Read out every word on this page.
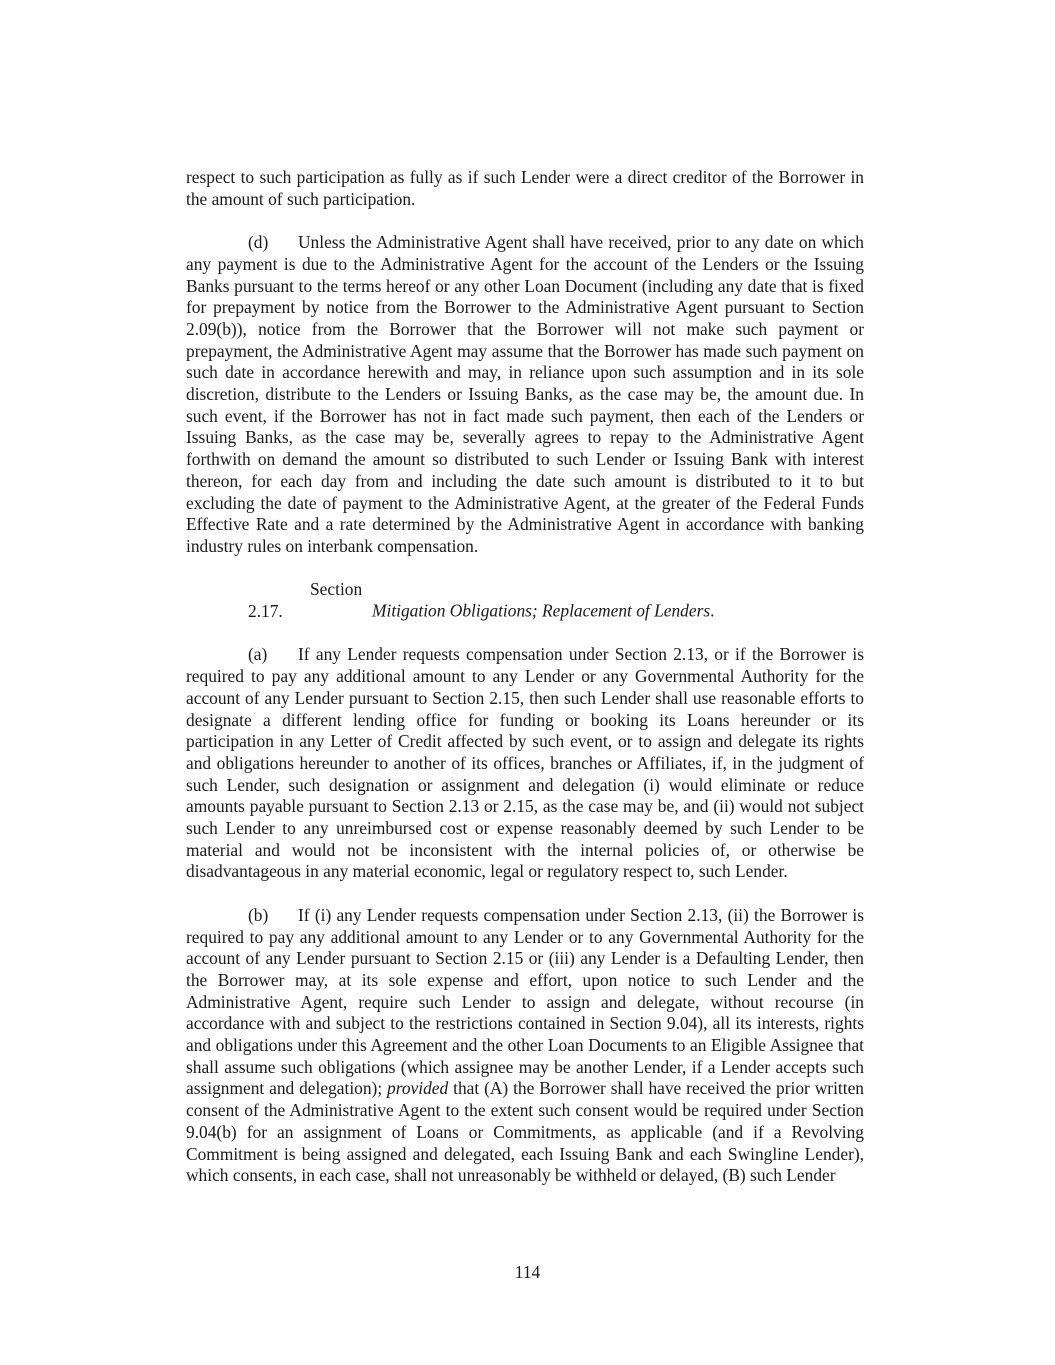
respect to such participation as fully as if such Lender were a direct creditor of the Borrower in the amount of such participation.

(d) Unless the Administrative Agent shall have received, prior to any date on which any payment is due to the Administrative Agent for the account of the Lenders or the Issuing Banks pursuant to the terms hereof or any other Loan Document (including any date that is fixed for prepayment by notice from the Borrower to the Administrative Agent pursuant to Section 2.09(b)), notice from the Borrower that the Borrower will not make such payment or prepayment, the Administrative Agent may assume that the Borrower has made such payment on such date in accordance herewith and may, in reliance upon such assumption and in its sole discretion, distribute to the Lenders or Issuing Banks, as the case may be, the amount due. In such event, if the Borrower has not in fact made such payment, then each of the Lenders or Issuing Banks, as the case may be, severally agrees to repay to the Administrative Agent forthwith on demand the amount so distributed to such Lender or Issuing Bank with interest thereon, for each day from and including the date such amount is distributed to it to but excluding the date of payment to the Administrative Agent, at the greater of the Federal Funds Effective Rate and a rate determined by the Administrative Agent in accordance with banking industry rules on interbank compensation.

Section 2.17.	Mitigation Obligations; Replacement of Lenders.

(a) If any Lender requests compensation under Section 2.13, or if the Borrower is required to pay any additional amount to any Lender or any Governmental Authority for the account of any Lender pursuant to Section 2.15, then such Lender shall use reasonable efforts to designate a different lending office for funding or booking its Loans hereunder or its participation in any Letter of Credit affected by such event, or to assign and delegate its rights and obligations hereunder to another of its offices, branches or Affiliates, if, in the judgment of such Lender, such designation or assignment and delegation (i) would eliminate or reduce amounts payable pursuant to Section 2.13 or 2.15, as the case may be, and (ii) would not subject such Lender to any unreimbursed cost or expense reasonably deemed by such Lender to be material and would not be inconsistent with the internal policies of, or otherwise be disadvantageous in any material economic, legal or regulatory respect to, such Lender.

(b) If (i) any Lender requests compensation under Section 2.13, (ii) the Borrower is required to pay any additional amount to any Lender or to any Governmental Authority for the account of any Lender pursuant to Section 2.15 or (iii) any Lender is a Defaulting Lender, then the Borrower may, at its sole expense and effort, upon notice to such Lender and the Administrative Agent, require such Lender to assign and delegate, without recourse (in accordance with and subject to the restrictions contained in Section 9.04), all its interests, rights and obligations under this Agreement and the other Loan Documents to an Eligible Assignee that shall assume such obligations (which assignee may be another Lender, if a Lender accepts such assignment and delegation); provided that (A) the Borrower shall have received the prior written consent of the Administrative Agent to the extent such consent would be required under Section 9.04(b) for an assignment of Loans or Commitments, as applicable (and if a Revolving Commitment is being assigned and delegated, each Issuing Bank and each Swingline Lender), which consents, in each case, shall not unreasonably be withheld or delayed, (B) such Lender

114
